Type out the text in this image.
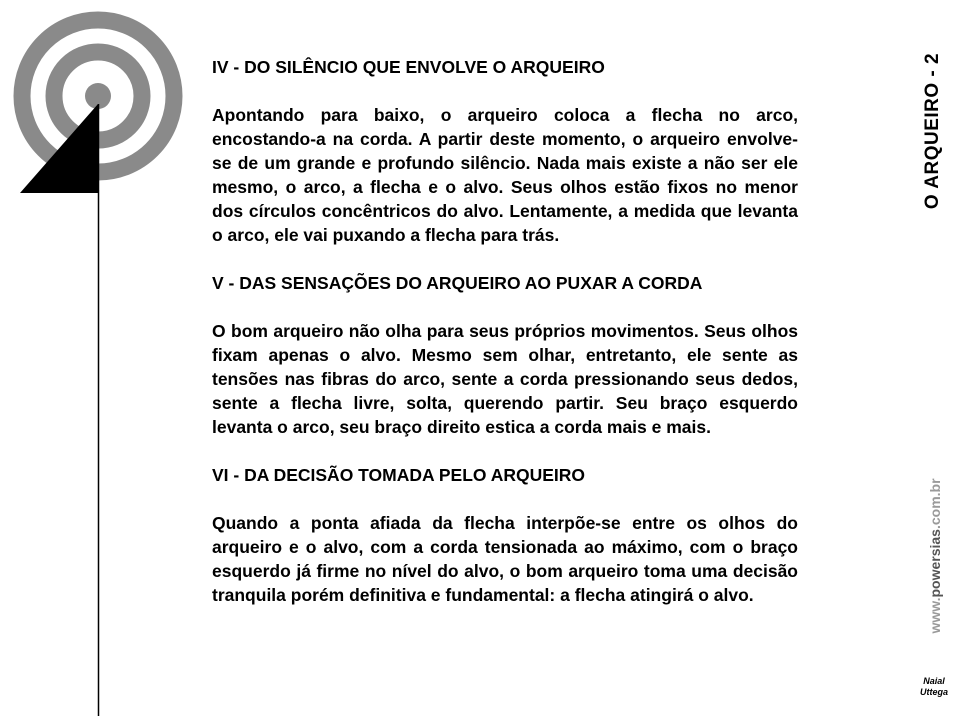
IV - DO SILÊNCIO QUE ENVOLVE O ARQUEIRO

Apontando para baixo, o arqueiro coloca a flecha no arco, encostando-a na corda. A partir deste momento, o arqueiro envolve-se de um grande e profundo silêncio. Nada mais existe a não ser ele mesmo, o arco, a flecha e o alvo. Seus olhos estão fixos no menor dos círculos concêntricos do alvo. Lentamente, a medida que levanta o arco, ele vai puxando a flecha para trás.

V - DAS SENSAÇÕES DO ARQUEIRO AO PUXAR A CORDA

O bom arqueiro não olha para seus próprios movimentos. Seus olhos fixam apenas o alvo. Mesmo sem olhar, entretanto, ele sente as tensões nas fibras do arco, sente a corda pressionando seus dedos, sente a flecha livre, solta, querendo partir. Seu braço esquerdo levanta o arco, seu braço direito estica a corda mais e mais.

VI - DA DECISÃO TOMADA PELO ARQUEIRO

Quando a ponta afiada da flecha interpõe-se entre os olhos do arqueiro e o alvo, com a corda tensionada ao máximo, com o braço esquerdo já firme no nível do alvo, o bom arqueiro toma uma decisão tranquila porém definitiva e fundamental: a flecha atingirá o alvo.

O ARQUEIRO - 2
www.powersias.com.br
Naial
Uttega
